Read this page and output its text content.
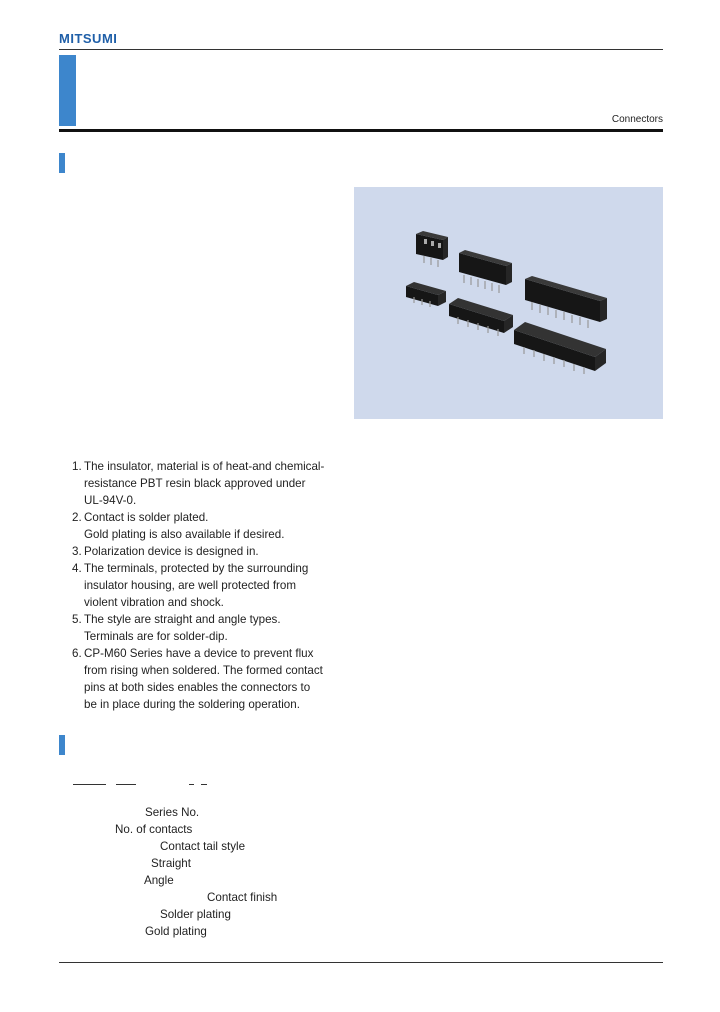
MITSUMI
Connectors
1. The insulator, material is of heat-and chemical-
resistance PBT resin black approved under
UL-94V-0.
2. Contact is solder plated.
Gold plating is also available if desired.
3. Polarization device is designed in.
4. The terminals, protected by the surrounding
insulator housing, are well protected from
violent vibration and shock.
5. The style are straight and angle types.
Terminals are for solder-dip.
6. CP-M60 Series have a device to prevent flux
from rising when soldered. The formed contact
pins at both sides enables the connectors to
be in place during the soldering operation.
Series No.
No. of contacts
Contact tail style
Straight
Angle
Contact finish
Solder plating
Gold plating
